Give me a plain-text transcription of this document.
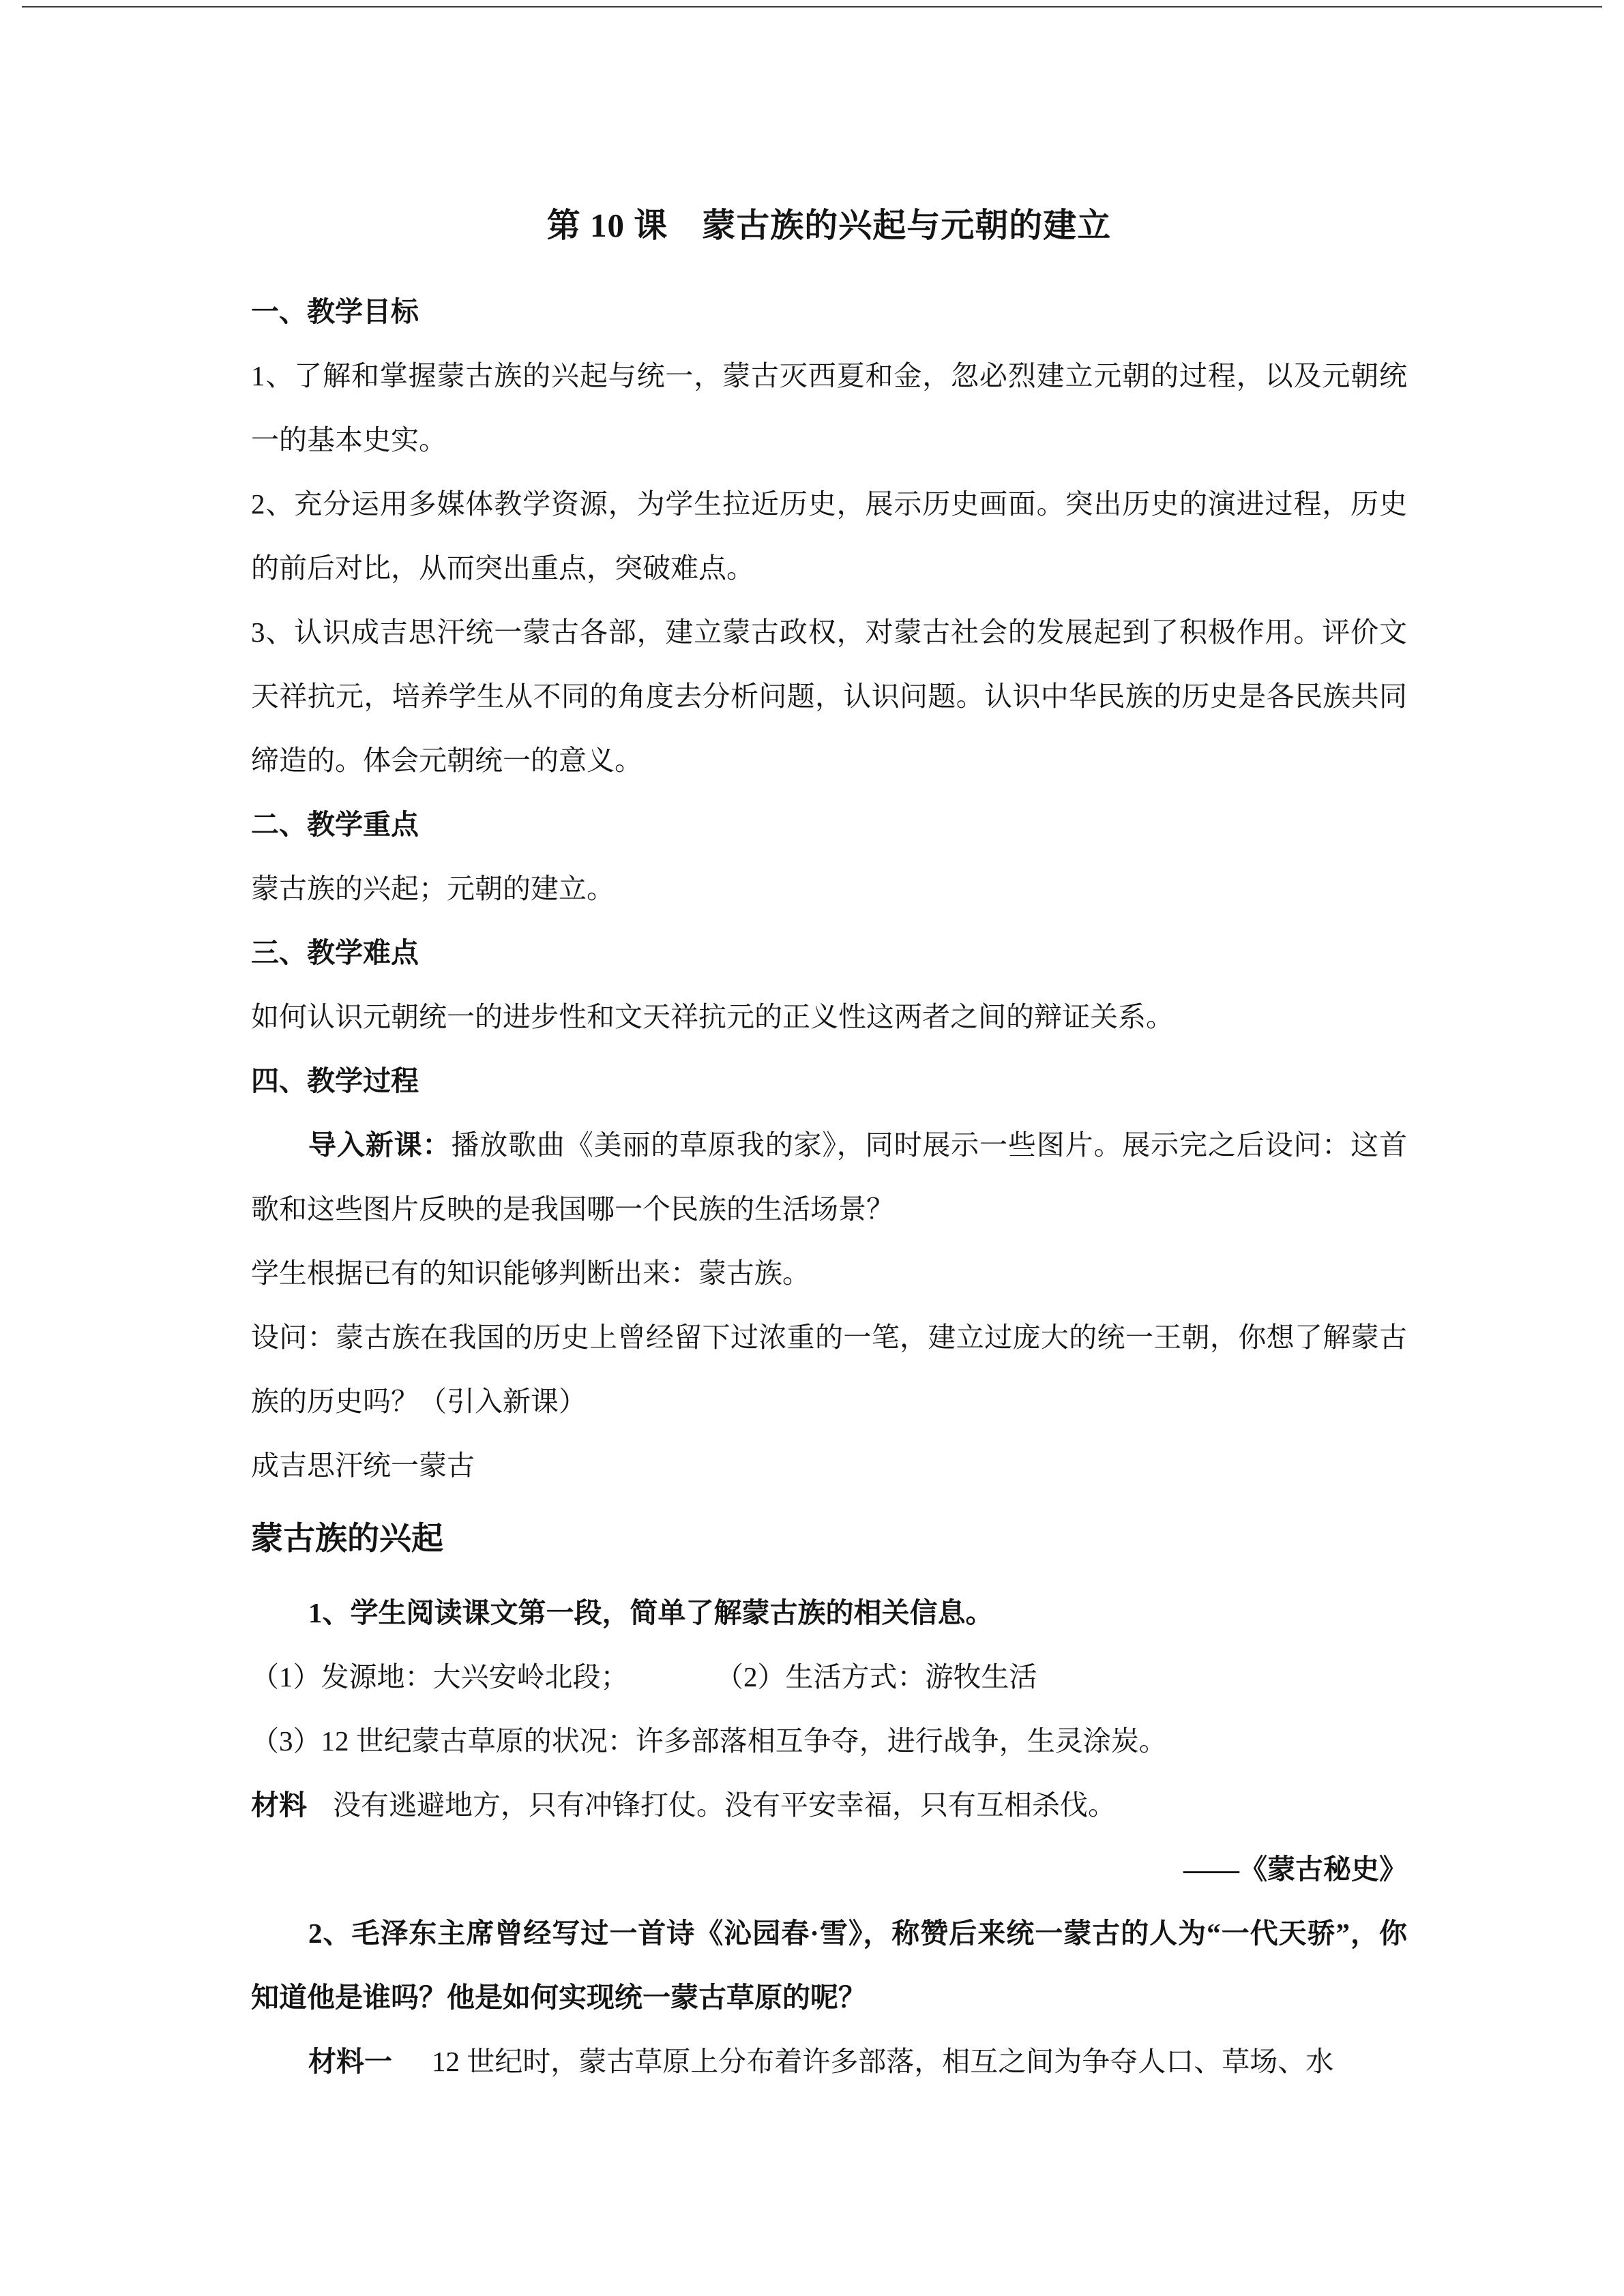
第 10 课　蒙古族的兴起与元朝的建立

一、教学目标

1、了解和掌握蒙古族的兴起与统一，蒙古灭西夏和金，忽必烈建立元朝的过程，以及元朝统一的基本史实。

2、充分运用多媒体教学资源，为学生拉近历史，展示历史画面。突出历史的演进过程，历史的前后对比，从而突出重点，突破难点。

3、认识成吉思汗统一蒙古各部，建立蒙古政权，对蒙古社会的发展起到了积极作用。评价文天祥抗元，培养学生从不同的角度去分析问题，认识问题。认识中华民族的历史是各民族共同缔造的。体会元朝统一的意义。

二、教学重点

蒙古族的兴起；元朝的建立。

三、教学难点

如何认识元朝统一的进步性和文天祥抗元的正义性这两者之间的辩证关系。

四、教学过程

导入新课：播放歌曲《美丽的草原我的家》，同时展示一些图片。展示完之后设问：这首歌和这些图片反映的是我国哪一个民族的生活场景？

学生根据已有的知识能够判断出来：蒙古族。

设问：蒙古族在我国的历史上曾经留下过浓重的一笔，建立过庞大的统一王朝，你想了解蒙古族的历史吗？（引入新课）

成吉思汗统一蒙古

蒙古族的兴起

1、学生阅读课文第一段，简单了解蒙古族的相关信息。

（1）发源地：大兴安岭北段；	（2）生活方式：游牧生活

（3）12 世纪蒙古草原的状况：许多部落相互争夺，进行战争，生灵涂炭。

材料 没有逃避地方，只有冲锋打仗。没有平安幸福，只有互相杀伐。

——《蒙古秘史》

2、毛泽东主席曾经写过一首诗《沁园春·雪》，称赞后来统一蒙古的人为“一代天骄”，你知道他是谁吗？他是如何实现统一蒙古草原的呢？

材料一 12 世纪时，蒙古草原上分布着许多部落，相互之间为争夺人口、草场、水
